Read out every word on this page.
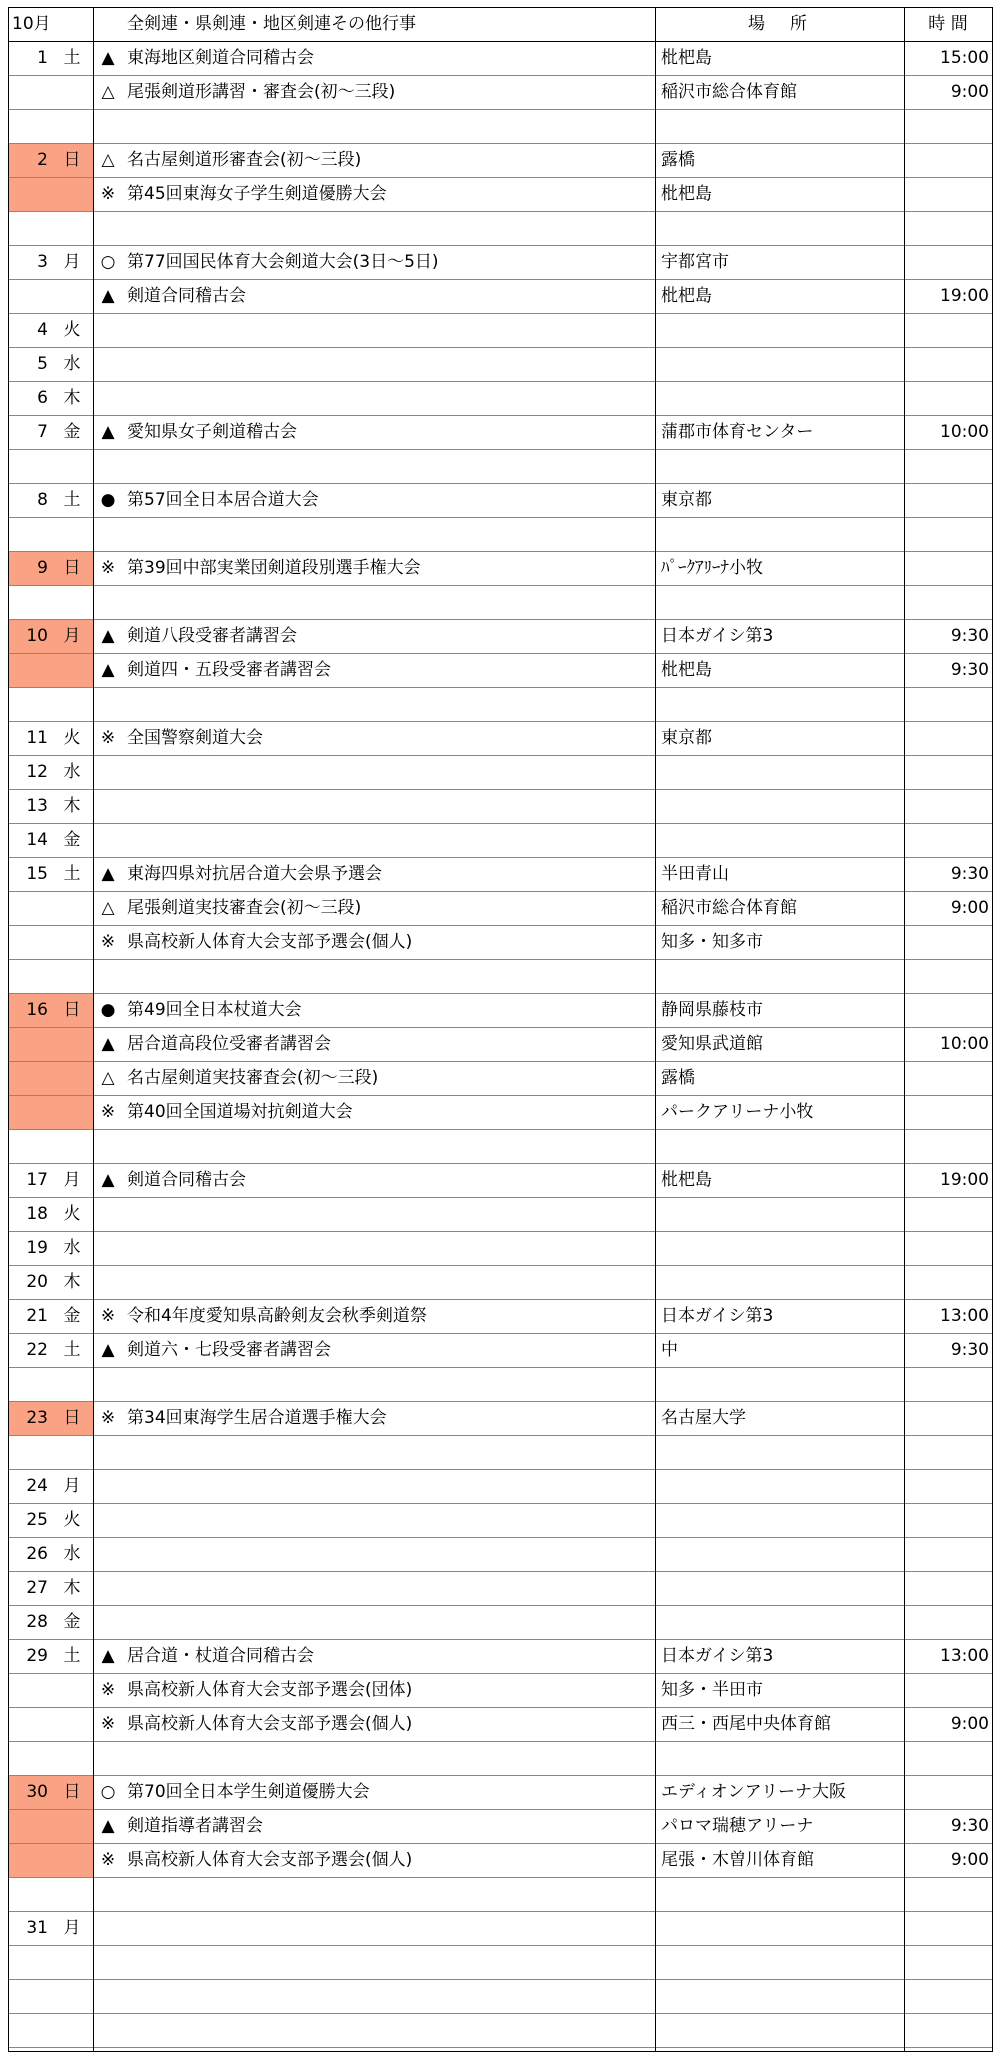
10月	全剣連・県剣連・地区剣連その他行事	場　所	時 間
1 土	▲ 東海地区剣道合同稽古会	枇杷島	15:00
△ 尾張剣道形講習・審査会(初～三段)	稲沢市総合体育館	9:00
2 日	△ 名古屋剣道形審査会(初～三段)	露橋
※ 第45回東海女子学生剣道優勝大会	枇杷島
3 月	○ 第77回国民体育大会剣道大会(3日～5日)	宇都宮市
▲ 剣道合同稽古会	枇杷島	19:00
4 火
5 水
6 木
7 金	▲ 愛知県女子剣道稽古会	蒲郡市体育センター	10:00
8 土	● 第57回全日本居合道大会	東京都
9 日	※ 第39回中部実業団剣道段別選手権大会	ﾊﾟｰｸｱﾘｰﾅ小牧
10 月	▲ 剣道八段受審者講習会	日本ガイシ第3	9:30
▲ 剣道四・五段受審者講習会	枇杷島	9:30
11 火	※ 全国警察剣道大会	東京都
12 水
13 木
14 金
15 土	▲ 東海四県対抗居合道大会県予選会	半田青山	9:30
△ 尾張剣道実技審査会(初～三段)	稲沢市総合体育館	9:00
※ 県高校新人体育大会支部予選会(個人)	知多・知多市
16 日	● 第49回全日本杖道大会	静岡県藤枝市
▲ 居合道高段位受審者講習会	愛知県武道館	10:00
△ 名古屋剣道実技審査会(初～三段)	露橋
※ 第40回全国道場対抗剣道大会	パークアリーナ小牧
17 月	▲ 剣道合同稽古会	枇杷島	19:00
18 火
19 水
20 木
21 金	※ 令和4年度愛知県高齢剣友会秋季剣道祭	日本ガイシ第3	13:00
22 土	▲ 剣道六・七段受審者講習会	中	9:30
23 日	※ 第34回東海学生居合道選手権大会	名古屋大学
24 月
25 火
26 水
27 木
28 金
29 土	▲ 居合道・杖道合同稽古会	日本ガイシ第3	13:00
※ 県高校新人体育大会支部予選会(団体)	知多・半田市
※ 県高校新人体育大会支部予選会(個人)	西三・西尾中央体育館	9:00
30 日	○ 第70回全日本学生剣道優勝大会	エディオンアリーナ大阪
▲ 剣道指導者講習会	パロマ瑞穂アリーナ	9:30
※ 県高校新人体育大会支部予選会(個人)	尾張・木曽川体育館	9:00
31 月
